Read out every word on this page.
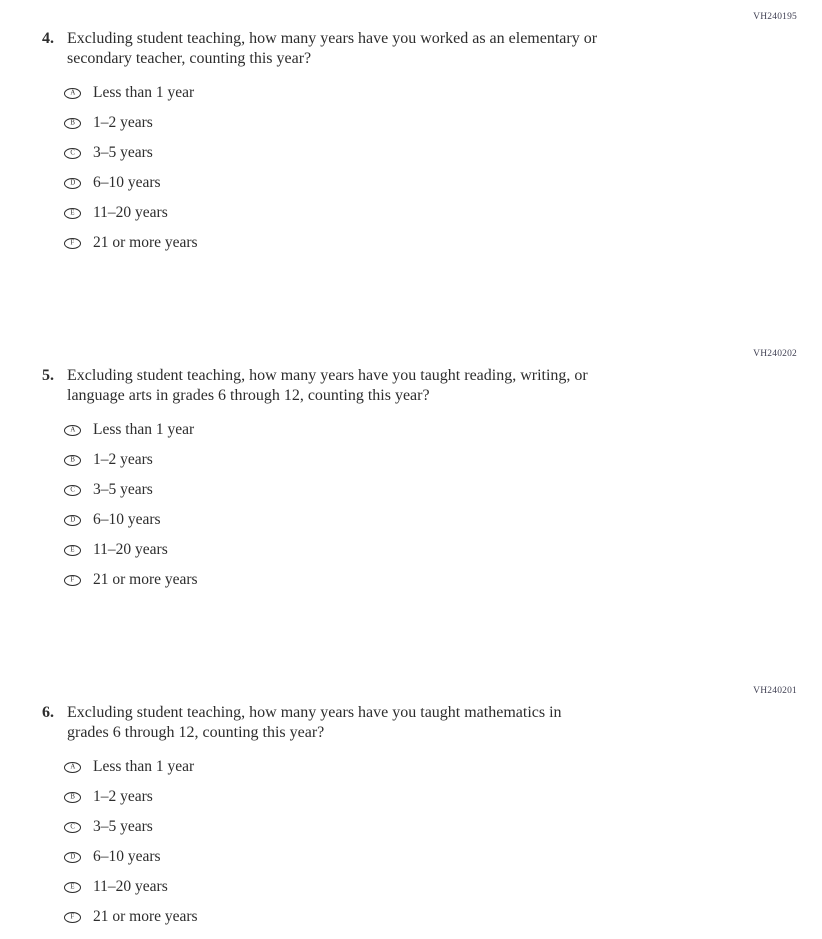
VH240195
4. Excluding student teaching, how many years have you worked as an elementary or
secondary teacher, counting this year?
A Less than 1 year
B 1–2 years
C 3–5 years
D 6–10 years
E 11–20 years
F 21 or more years
VH240202
5. Excluding student teaching, how many years have you taught reading, writing, or
language arts in grades 6 through 12, counting this year?
A Less than 1 year
B 1–2 years
C 3–5 years
D 6–10 years
E 11–20 years
F 21 or more years
VH240201
6. Excluding student teaching, how many years have you taught mathematics in
grades 6 through 12, counting this year?
A Less than 1 year
B 1–2 years
C 3–5 years
D 6–10 years
E 11–20 years
F 21 or more years
